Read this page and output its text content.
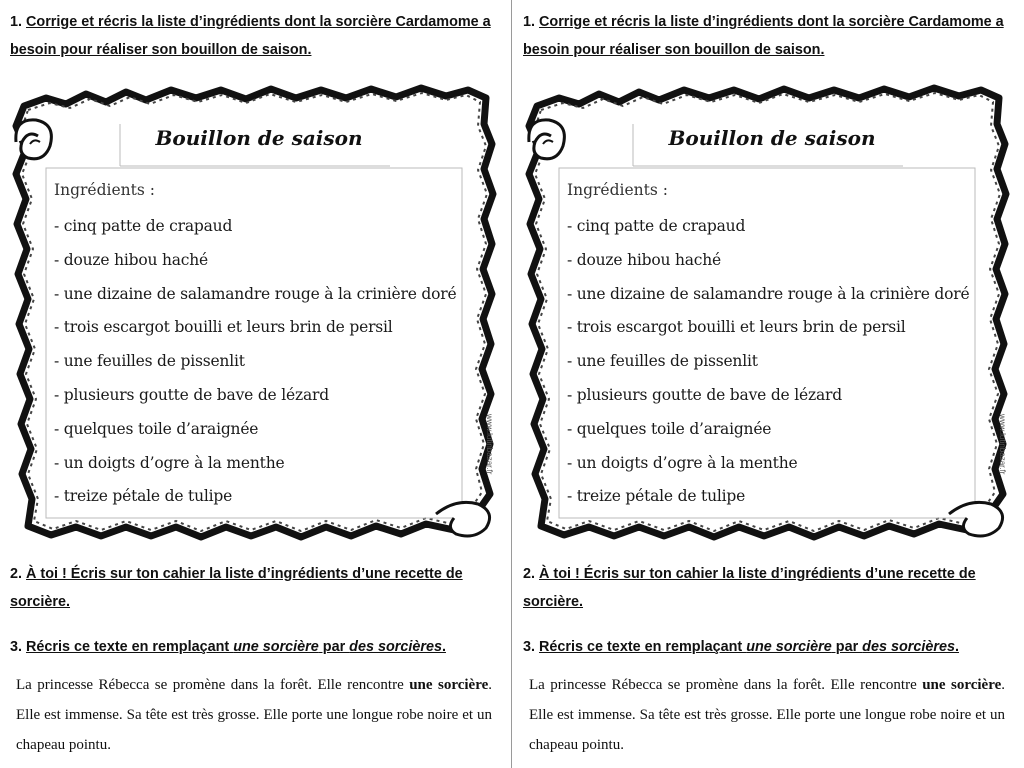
1. Corrige et récris la liste d’ingrédients dont la sorcière Cardamome a besoin pour réaliser son bouillon de saison.

Bouillon de saison
Ingrédients :
- cinq patte de crapaud
- douze hibou haché
- une dizaine de salamandre rouge à la crinière doré
- trois escargot bouilli et leurs brin de persil
- une feuilles de pissenlit
- plusieurs goutte de bave de lézard
- quelques toile d’araignée
- un doigts d’ogre à la menthe
- treize pétale de tulipe
www.lutinbazar.fr

2. À toi ! Écris sur ton cahier la liste d’ingrédients d’une recette de sorcière.

3. Récris ce texte en remplaçant une sorcière par des sorcières.

La princesse Rébecca se promène dans la forêt. Elle rencontre une sorcière. Elle est immense. Sa tête est très grosse. Elle porte une longue robe noire et un chapeau pointu.

1. Corrige et récris la liste d’ingrédients dont la sorcière Cardamome a besoin pour réaliser son bouillon de saison.

Bouillon de saison
Ingrédients :
- cinq patte de crapaud
- douze hibou haché
- une dizaine de salamandre rouge à la crinière doré
- trois escargot bouilli et leurs brin de persil
- une feuilles de pissenlit
- plusieurs goutte de bave de lézard
- quelques toile d’araignée
- un doigts d’ogre à la menthe
- treize pétale de tulipe
www.lutinbazar.fr

2. À toi ! Écris sur ton cahier la liste d’ingrédients d’une recette de sorcière.

3. Récris ce texte en remplaçant une sorcière par des sorcières.

La princesse Rébecca se promène dans la forêt. Elle rencontre une sorcière. Elle est immense. Sa tête est très grosse. Elle porte une longue robe noire et un chapeau pointu.
